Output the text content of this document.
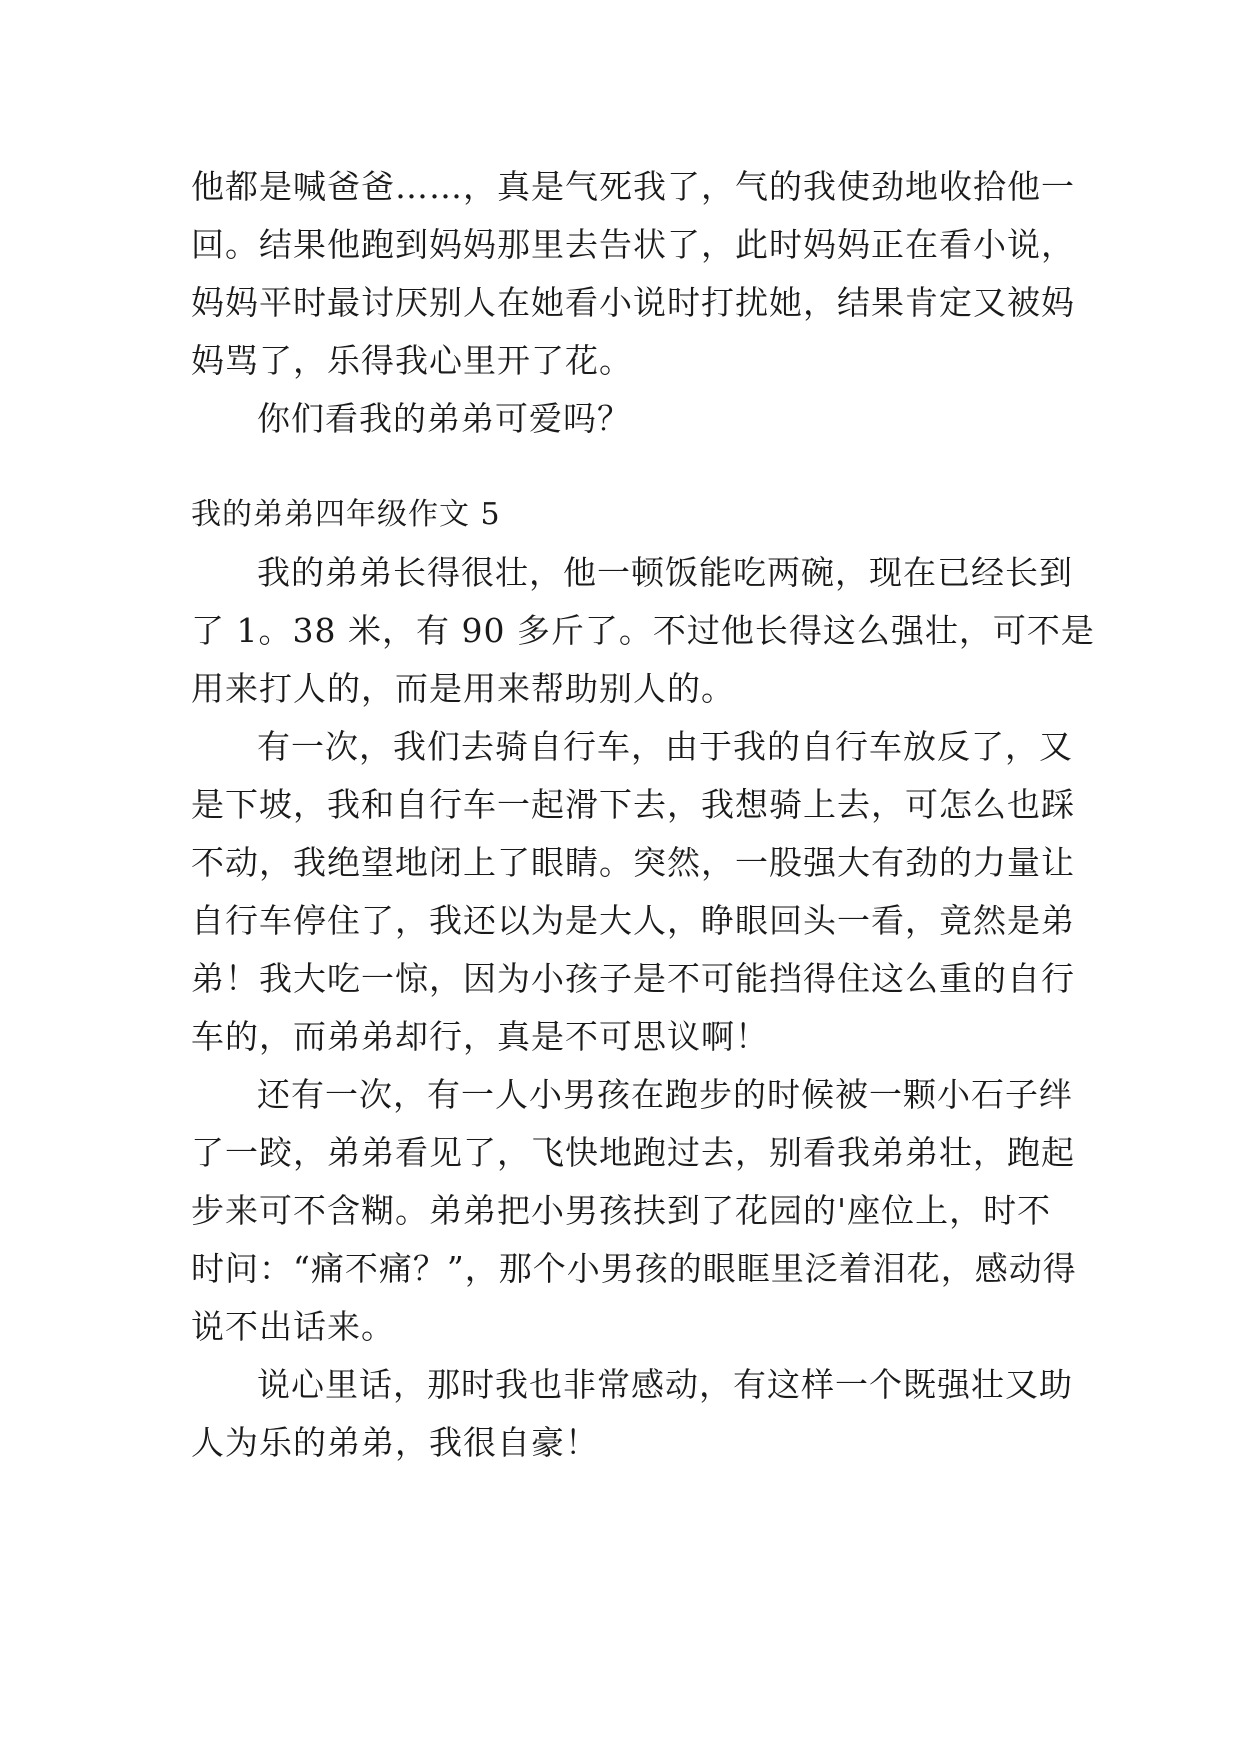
他都是喊爸爸……，真是气死我了，气的我使劲地收拾他一
回。结果他跑到妈妈那里去告状了，此时妈妈正在看小说，
妈妈平时最讨厌别人在她看小说时打扰她，结果肯定又被妈
妈骂了，乐得我心里开了花。
你们看我的弟弟可爱吗？
我的弟弟四年级作文 5
我的弟弟长得很壮，他一顿饭能吃两碗，现在已经长到
了 1。38 米，有 90 多斤了。不过他长得这么强壮，可不是
用来打人的，而是用来帮助别人的。
有一次，我们去骑自行车，由于我的自行车放反了，又
是下坡，我和自行车一起滑下去，我想骑上去，可怎么也踩
不动，我绝望地闭上了眼睛。突然，一股强大有劲的力量让
自行车停住了，我还以为是大人，睁眼回头一看，竟然是弟
弟！我大吃一惊，因为小孩子是不可能挡得住这么重的自行
车的，而弟弟却行，真是不可思议啊！
还有一次，有一人小男孩在跑步的时候被一颗小石子绊
了一跤，弟弟看见了，飞快地跑过去，别看我弟弟壮，跑起
步来可不含糊。弟弟把小男孩扶到了花园的'座位上，时不
时问：“痛不痛？”，那个小男孩的眼眶里泛着泪花，感动得
说不出话来。
说心里话，那时我也非常感动，有这样一个既强壮又助
人为乐的弟弟，我很自豪！
